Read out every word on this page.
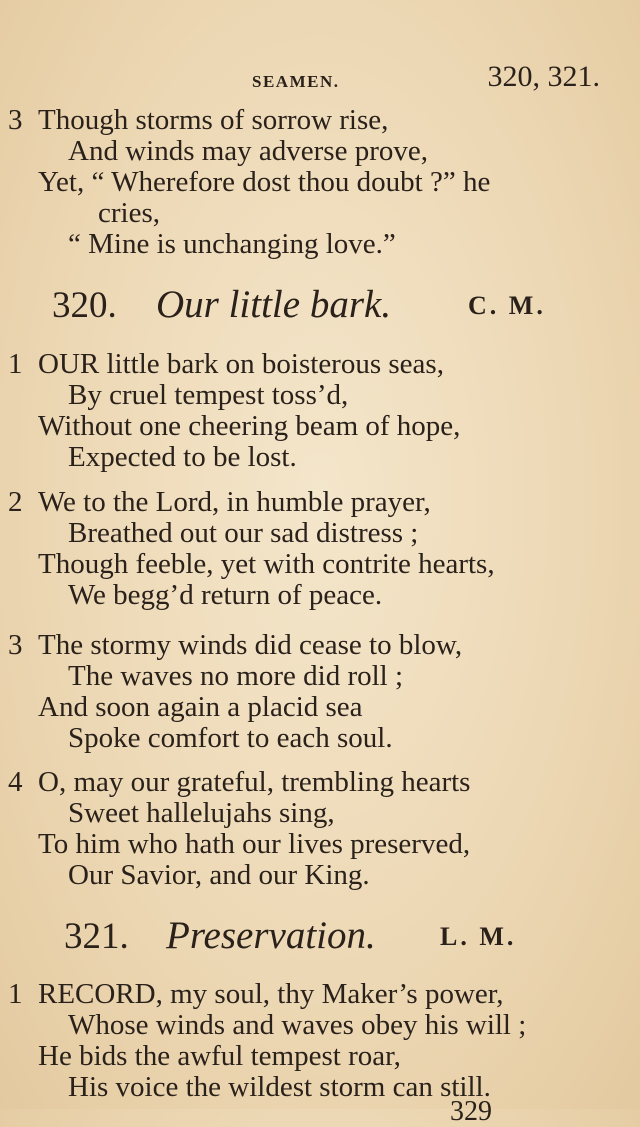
SEAMEN.	320, 321.
3 Though storms of sorrow rise,
And winds may adverse prove,
Yet, “ Wherefore dost thou doubt ?” he
cries,
“ Mine is unchanging love.”
320. Our little bark.	C. M.
1 OUR little bark on boisterous seas,
By cruel tempest toss’d,
Without one cheering beam of hope,
Expected to be lost.
2 We to the Lord, in humble prayer,
Breathed out our sad distress ;
Though feeble, yet with contrite hearts,
We begg’d return of peace.
3 The stormy winds did cease to blow,
The waves no more did roll ;
And soon again a placid sea
Spoke comfort to each soul.
4 O, may our grateful, trembling hearts
Sweet hallelujahs sing,
To him who hath our lives preserved,
Our Savior, and our King.
321. Preservation. L. M.
1 RECORD, my soul, thy Maker’s power,
Whose winds and waves obey his will ;
He bids the awful tempest roar,
His voice the wildest storm can still.
329
